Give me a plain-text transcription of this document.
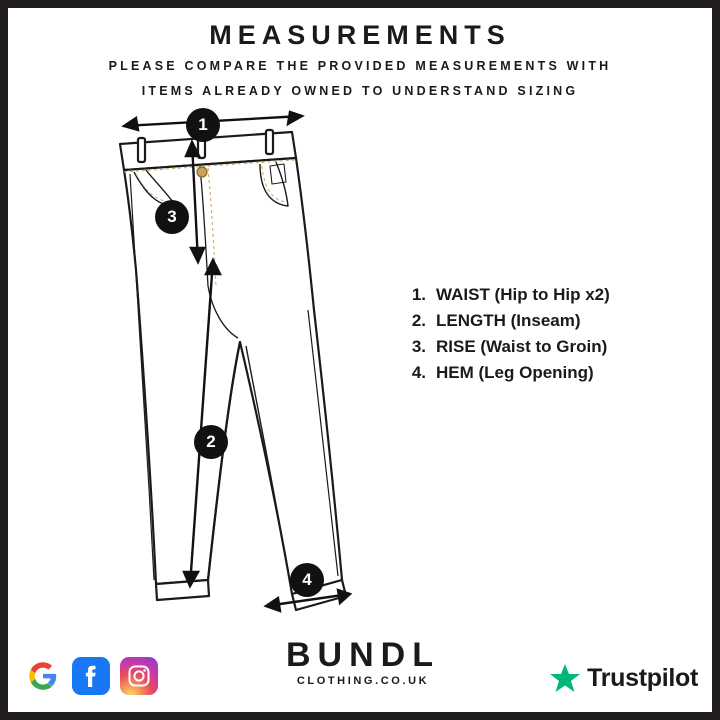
MEASUREMENTS
PLEASE COMPARE THE PROVIDED MEASUREMENTS WITH
ITEMS ALREADY OWNED TO UNDERSTAND SIZING
1
3
2
4
1. WAIST (Hip to Hip x2)
2. LENGTH (Inseam)
3. RISE (Waist to Groin)
4. HEM (Leg Opening)
BUNDL
CLOTHING.CO.UK	Trustpilot
